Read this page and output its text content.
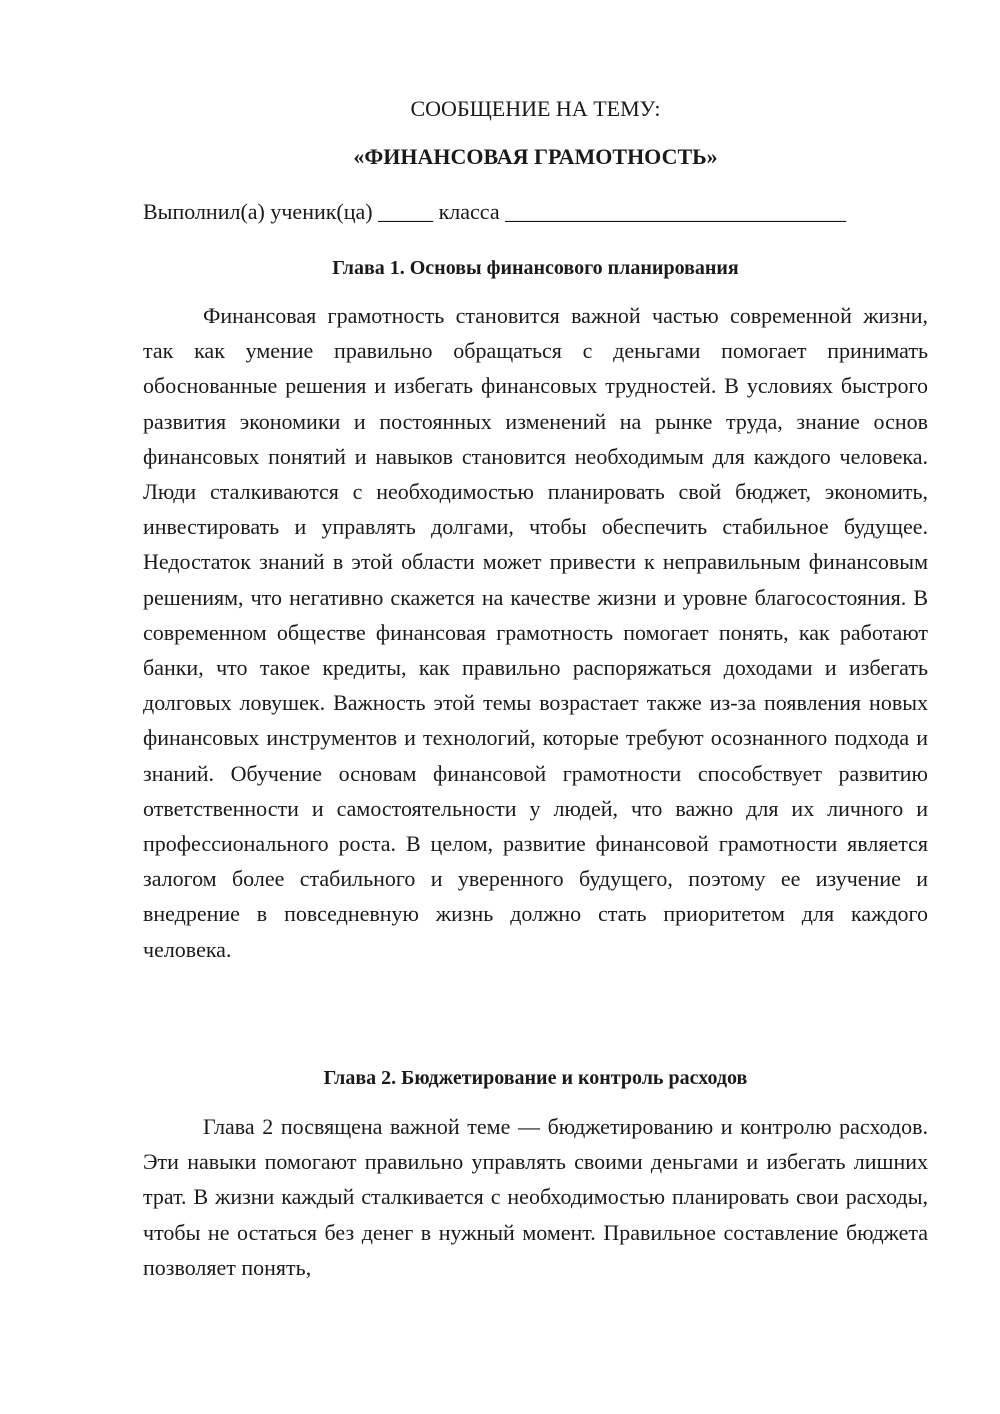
СООБЩЕНИЕ НА ТЕМУ:
«ФИНАНСОВАЯ ГРАМОТНОСТЬ»
Выполнил(а) ученик(ца) _____ класса _______________________________
Глава 1. Основы финансового планирования

Финансовая грамотность становится важной частью современной жизни, так как умение правильно обращаться с деньгами помогает принимать обоснованные решения и избегать финансовых трудностей. В условиях быстрого развития экономики и постоянных изменений на рынке труда, знание основ финансовых понятий и навыков становится необходимым для каждого человека. Люди сталкиваются с необходимостью планировать свой бюджет, экономить, инвестировать и управлять долгами, чтобы обеспечить стабильное будущее. Недостаток знаний в этой области может привести к неправильным финансовым решениям, что негативно скажется на качестве жизни и уровне благосостояния. В современном обществе финансовая грамотность помогает понять, как работают банки, что такое кредиты, как правильно распоряжаться доходами и избегать долговых ловушек. Важность этой темы возрастает также из-за появления новых финансовых инструментов и технологий, которые требуют осознанного подхода и знаний. Обучение основам финансовой грамотности способствует развитию ответственности и самостоятельности у людей, что важно для их личного и профессионального роста. В целом, развитие финансовой грамотности является залогом более стабильного и уверенного будущего, поэтому ее изучение и внедрение в повседневную жизнь должно стать приоритетом для каждого человека.

Глава 2. Бюджетирование и контроль расходов

Глава 2 посвящена важной теме — бюджетированию и контролю расходов. Эти навыки помогают правильно управлять своими деньгами и избегать лишних трат. В жизни каждый сталкивается с необходимостью планировать свои расходы, чтобы не остаться без денег в нужный момент. Правильное составление бюджета позволяет понять,
